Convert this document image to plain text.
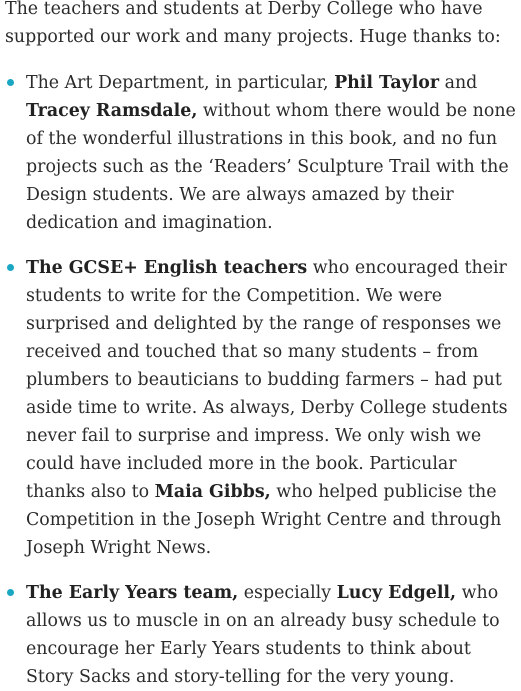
The teachers and students at Derby College who have supported our work and many projects. Huge thanks to:

The Art Department, in particular, Phil Taylor and Tracey Ramsdale, without whom there would be none of the wonderful illustrations in this book, and no fun projects such as the ‘Readers’ Sculpture Trail with the Design students. We are always amazed by their dedication and imagination.
The GCSE+ English teachers who encouraged their students to write for the Competition. We were surprised and delighted by the range of responses we received and touched that so many students – from plumbers to beauticians to budding farmers – had put aside time to write. As always, Derby College students never fail to surprise and impress. We only wish we could have included more in the book. Particular thanks also to Maia Gibbs, who helped publicise the Competition in the Joseph Wright Centre and through Joseph Wright News.
The Early Years team, especially Lucy Edgell, who allows us to muscle in on an already busy schedule to encourage her Early Years students to think about Story Sacks and story-telling for the very young.
